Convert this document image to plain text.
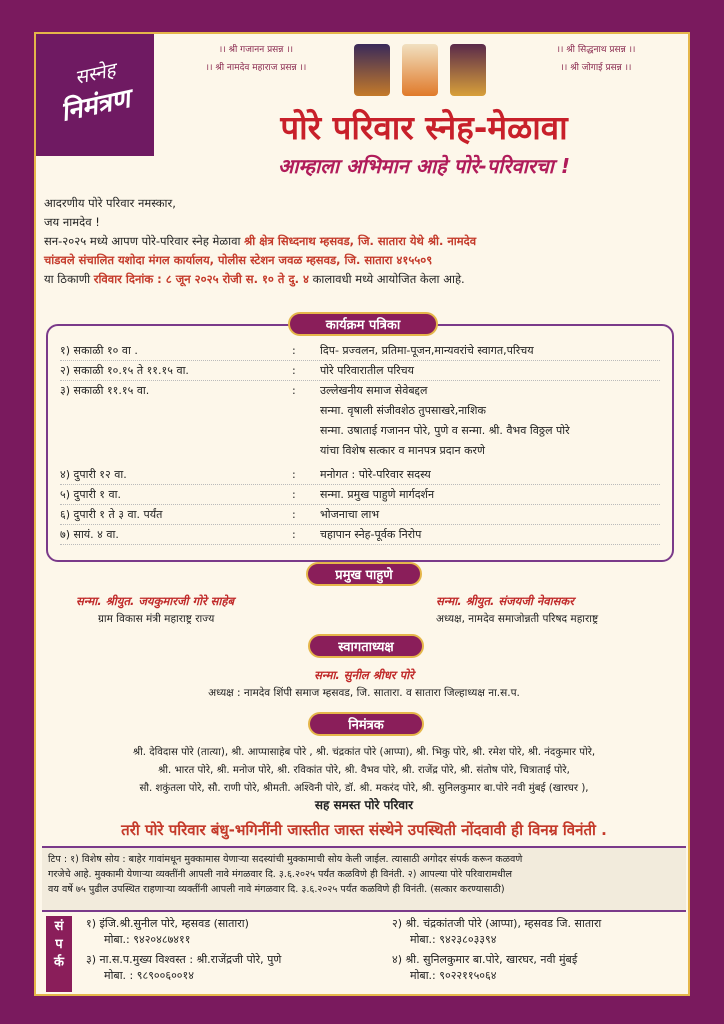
सस्नेह
निमंत्रण
।। श्री गजानन प्रसन्न ।।
।। श्री नामदेव महाराज प्रसन्न ।।
।। श्री सिद्धनाथ प्रसन्न ।।
।। श्री जोगाई प्रसन्न ।।
पोरे परिवार स्नेह-मेळावा
आम्हाला अभिमान आहे पोरे-परिवारचा !
आदरणीय पोरे परिवार नमस्कार,
जय नामदेव !
सन-२०२५ मध्ये आपण पोरे-परिवार स्नेह मेळावा श्री क्षेत्र सिध्दनाथ म्हसवड, जि. सातारा येथे श्री. नामदेव
चांडवले संचालित यशोदा मंगल कार्यालय, पोलीस स्टेशन जवळ म्हसवड, जि. सातारा ४१५५०९
या ठिकाणी रविवार दिनांक : ८ जून २०२५ रोजी स. १० ते दु. ४ कालावधी मध्ये आयोजित केला आहे.
१) सकाळी १० वा .	:	दिप- प्रज्वलन, प्रतिमा-पूजन,मान्यवरांचे स्वागत,परिचय
२) सकाळी १०.१५ ते ११.१५ वा.	:	पोरे परिवारातील परिचय
३) सकाळी ११.१५ वा.	:	उल्लेखनीय समाज सेवेबद्दल
सन्मा. वृषाली संजीवशेठ तुपसाखरे,नाशिक
सन्मा. उषाताई गजानन पोरे, पुणे व सन्मा. श्री. वैभव विठ्ठल पोरे
यांचा विशेष सत्कार व मानपत्र प्रदान करणे
४) दुपारी १२ वा.	:	मनोगत : पोरे-परिवार सदस्य
५) दुपारी १ वा.	:	सन्मा. प्रमुख पाहुणे मार्गदर्शन
६) दुपारी १ ते ३ वा. पर्यंत	:	भोजनाचा लाभ
७) सायं. ४ वा.	:	चहापान स्नेह-पूर्वक निरोप
कार्यक्रम पत्रिका
प्रमुख पाहुणे
सन्मा. श्रीयुत. जयकुमारजी गोरे साहेब
ग्राम विकास मंत्री महाराष्ट्र राज्य
सन्मा. श्रीयुत. संजयजी नेवासकर
अध्यक्ष, नामदेव समाजोन्नती परिषद महाराष्ट्र
स्वागताध्यक्ष
सन्मा. सुनील श्रीधर पोरे
अध्यक्ष : नामदेव शिंपी समाज म्हसवड, जि. सातारा. व सातारा जिल्हाध्यक्ष ना.स.प.
निमंत्रक
श्री. देविदास पोरे (तात्या), श्री. आप्पासाहेब पोरे , श्री. चंद्रकांत पोरे (आप्पा), श्री. भिकु पोरे, श्री. रमेश पोरे, श्री. नंदकुमार पोरे,
श्री. भारत पोरे, श्री. मनोज पोरे, श्री. रविकांत पोरे, श्री. वैभव पोरे, श्री. राजेंद्र पोरे, श्री. संतोष पोरे, चित्राताई पोरे,
सौ. शकुंतला पोरे, सौ. राणी पोरे, श्रीमती. अश्विनी पोरे, डॉ. श्री. मकरंद पोरे, श्री. सुनिलकुमार बा.पोरे नवी मुंबई (खारघर ),
सह समस्त पोरे परिवार
तरी पोरे परिवार बंधु-भगिनींनी जास्तीत जास्त संस्थेने उपस्थिती नोंदवावी ही विनम्र विनंती .
टिप : १) विशेष सोय : बाहेर गावांमधून मुक्कामास येणाऱ्या सदस्यांची मुक्कामाची सोय केली जाईल. त्यासाठी अगोदर संपर्क करून कळवणे
गरजेचे आहे. मुक्कामी येणाऱ्या व्यक्तींनी आपली नावे मंगळवार दि. ३.६.२०२५ पर्यंत कळविणे ही विनंती. २) आपल्या पोरे परिवारामधील
वय वर्षे ७५ पुढील उपस्थित राहणाऱ्या व्यक्तींनी आपली नावे मंगळवार दि. ३.६.२०२५ पर्यंत कळविणे ही विनंती. (सत्कार करण्यासाठी)
सं
प
र्क
१) इंजि.श्री.सुनील पोरे, म्हसवड (सातारा)
मोबा.: ९४२०४८७४११
३) ना.स.प.मुख्य विश्वस्त : श्री.राजेंद्रजी पोरे, पुणे
मोबा. : ९८९००६००१४
२) श्री. चंद्रकांतजी पोरे (आप्पा), म्हसवड जि. सातारा
मोबा.: ९४२३८०३३९४
४) श्री. सुनिलकुमार बा.पोरे, खारघर, नवी मुंबई
मोबा.: ९०२२११५०६४
